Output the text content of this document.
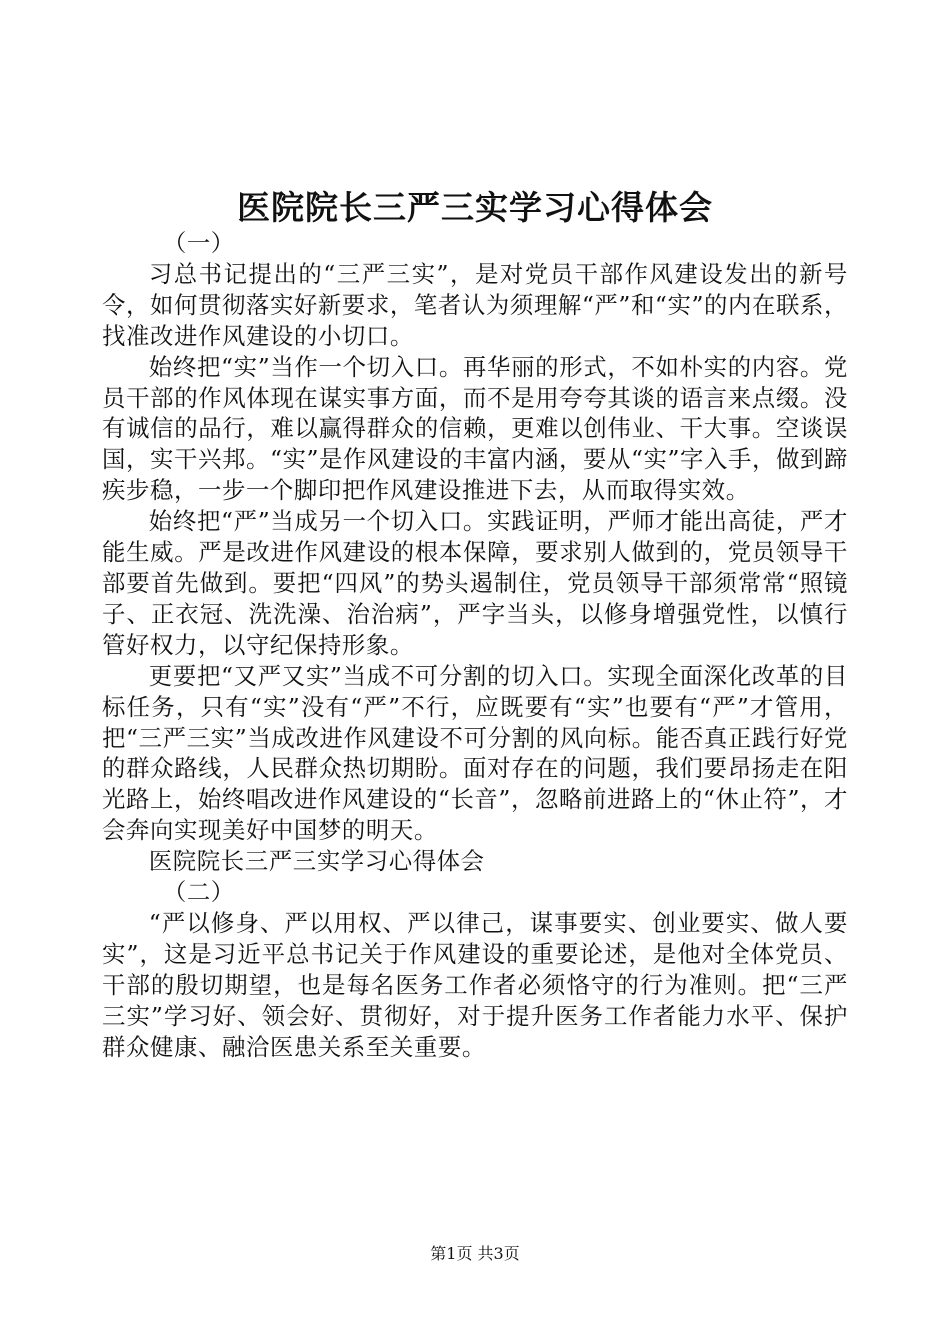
医院院长三严三实学习心得体会

（一）

习总书记提出的“三严三实”，是对党员干部作风建设发出的新号令，如何贯彻落实好新要求，笔者认为须理解“严”和“实”的内在联系，找准改进作风建设的小切口。

始终把“实”当作一个切入口。再华丽的形式，不如朴实的内容。党员干部的作风体现在谋实事方面，而不是用夸夸其谈的语言来点缀。没有诚信的品行，难以赢得群众的信赖，更难以创伟业、干大事。空谈误国，实干兴邦。“实”是作风建设的丰富内涵，要从“实”字入手，做到蹄疾步稳，一步一个脚印把作风建设推进下去，从而取得实效。

始终把“严”当成另一个切入口。实践证明，严师才能出高徒，严才能生威。严是改进作风建设的根本保障，要求别人做到的，党员领导干部要首先做到。要把“四风”的势头遏制住，党员领导干部须常常“照镜子、正衣冠、洗洗澡、治治病”，严字当头，以修身增强党性，以慎行管好权力，以守纪保持形象。

更要把“又严又实”当成不可分割的切入口。实现全面深化改革的目标任务，只有“实”没有“严”不行，应既要有“实”也要有“严”才管用，把“三严三实”当成改进作风建设不可分割的风向标。能否真正践行好党的群众路线，人民群众热切期盼。面对存在的问题，我们要昂扬走在阳光路上，始终唱改进作风建设的“长音”，忽略前进路上的“休止符”，才会奔向实现美好中国梦的明天。

医院院长三严三实学习心得体会

（二）

“严以修身、严以用权、严以律己，谋事要实、创业要实、做人要实”，这是习近平总书记关于作风建设的重要论述，是他对全体党员、干部的殷切期望，也是每名医务工作者必须恪守的行为准则。把“三严三实”学习好、领会好、贯彻好，对于提升医务工作者能力水平、保护群众健康、融洽医患关系至关重要。

第1页 共3页
